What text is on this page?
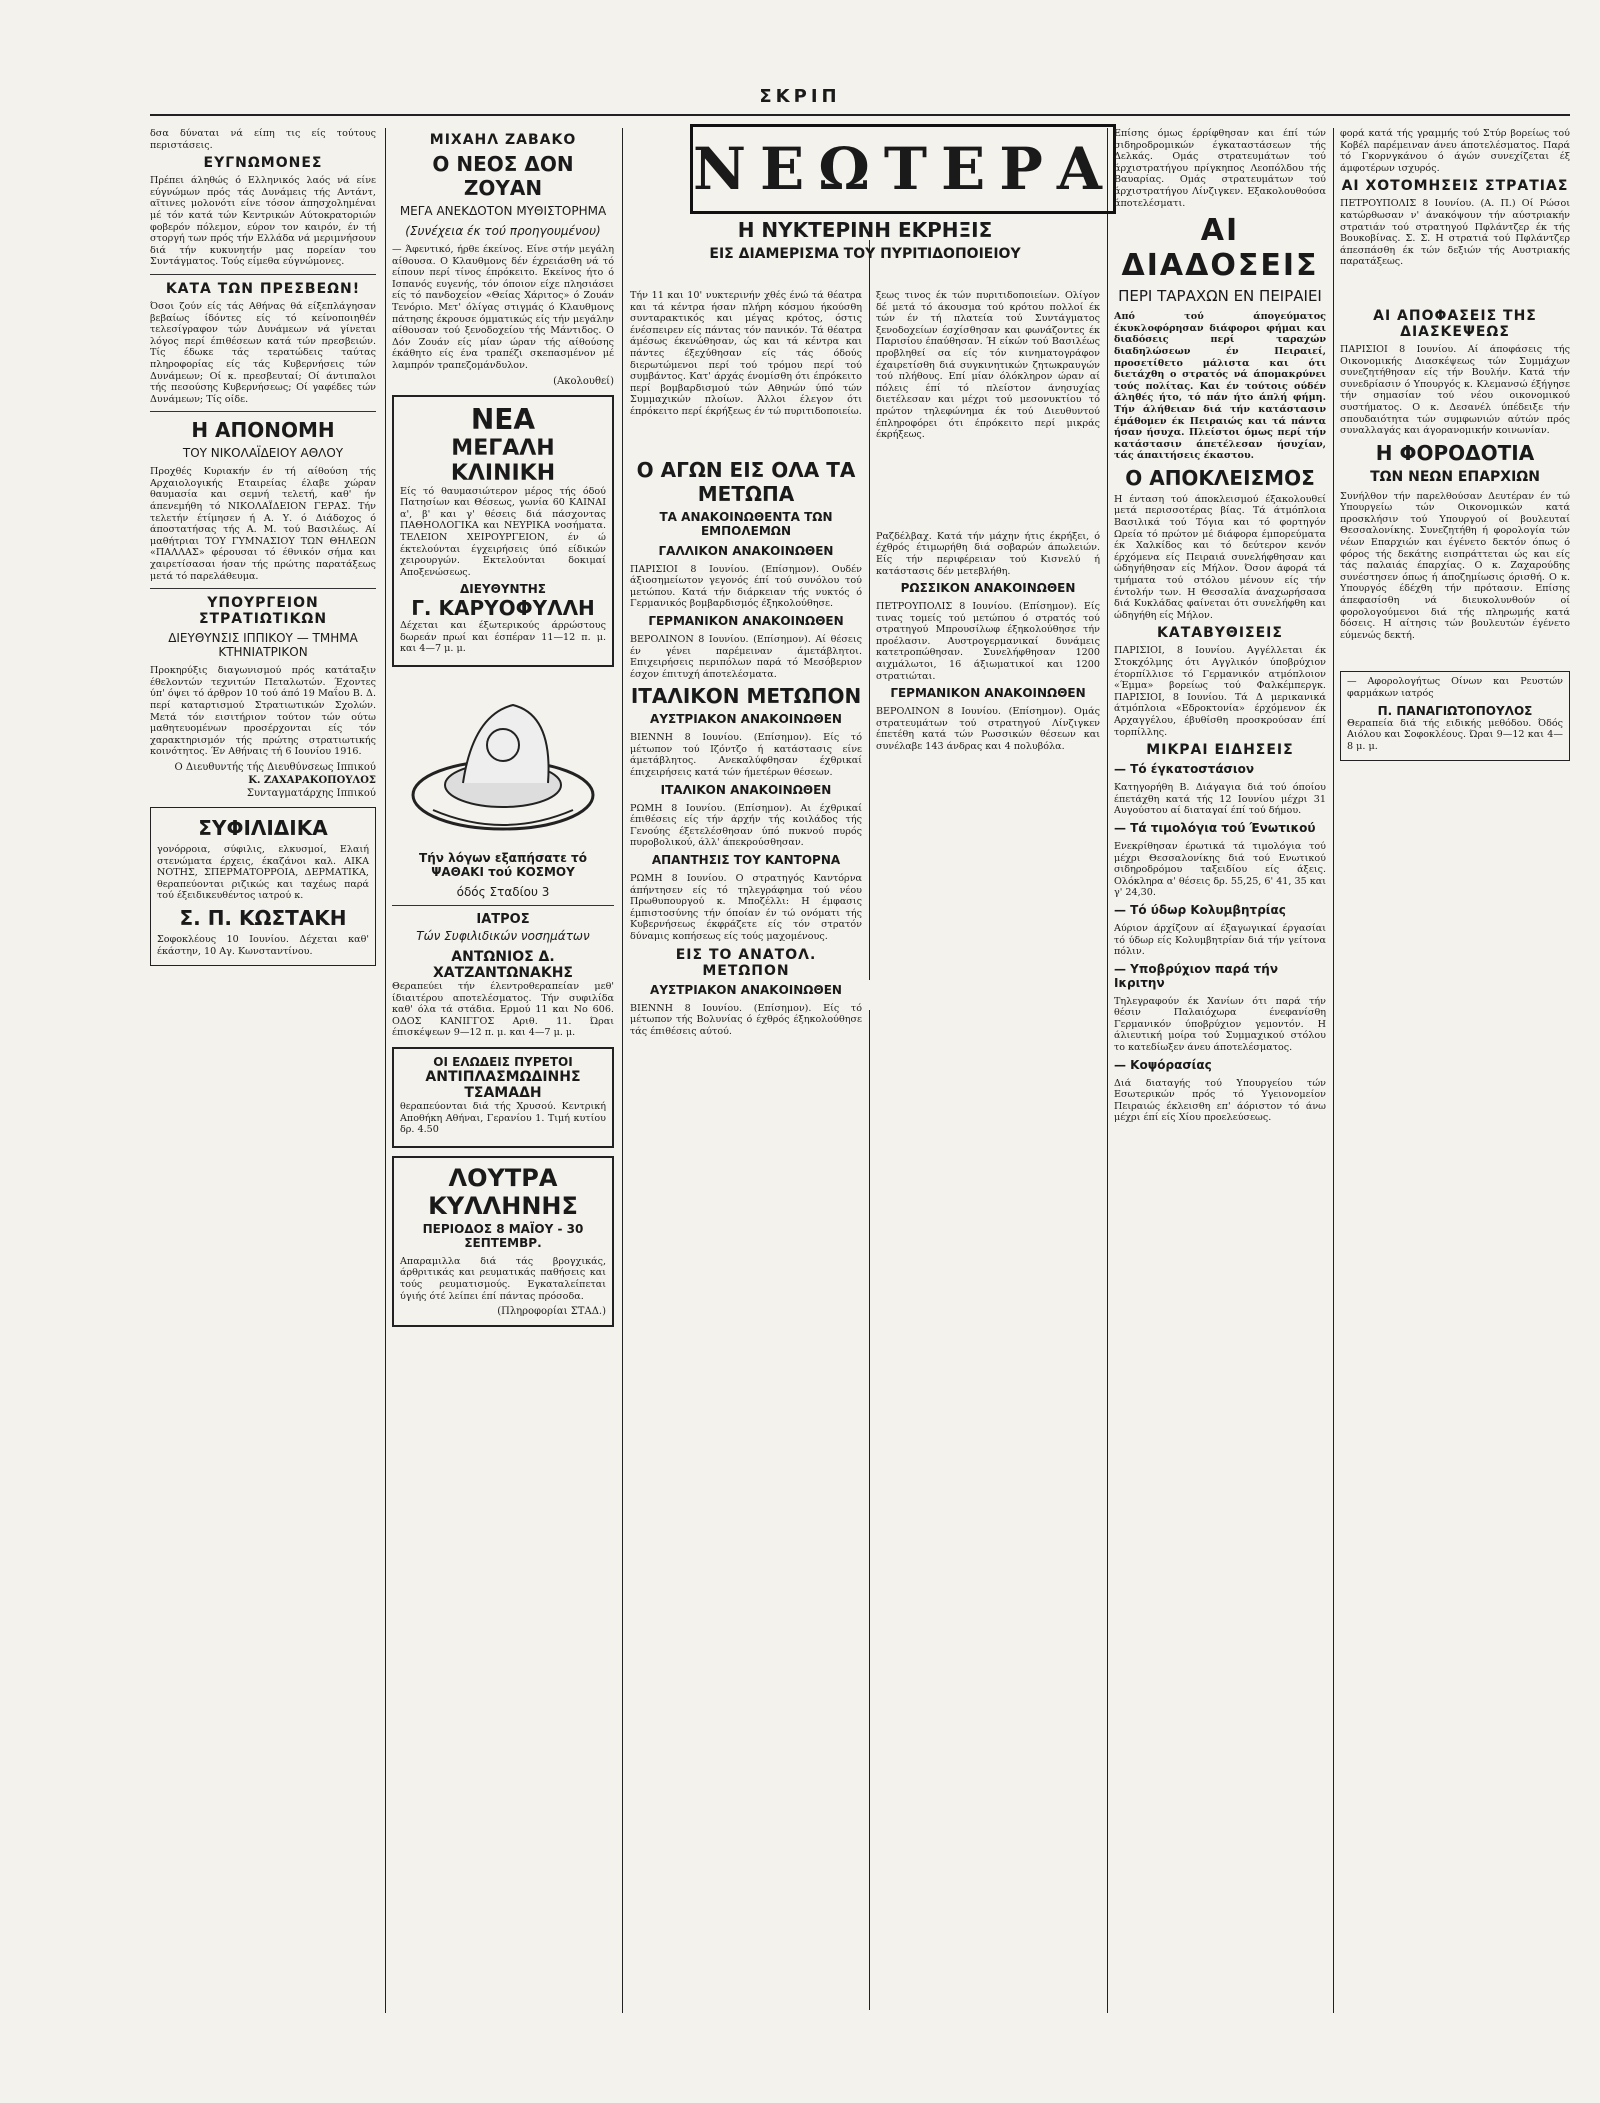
ΣΚΡΙΠ

δσα δύναται νά είπη τις είς τούτους περιστάσεις.

ΕΥΓΝΩΜΟΝΕΣ

Πρέπει άληθώς ό Ελληνικός λαός νά είνε εύγνώμων πρός τάς Δυνάμεις τής Αντάντ, αϊτινες μολονότι είνε τόσον άπησχολημέναι μέ τόν κατά τών Κεντρικών Αύτοκρατοριών φοβερόν πόλεμον, εύρον τον καιρόν, έν τή στοργή των πρός τήν Ελλάδα νά μεριμνήσουν διά τήν κυκυνητήν μας πορείαν του Συντάγματος. Τούς είμεθα εύγνώμονες.

ΚΑΤΑ ΤΩΝ ΠΡΕΣΒΕΩΝ!

Όσοι ζούν είς τάς Αθήνας θά είξεπλάγησαν βεβαίως ίδόντες είς τό κείνοποιηθέν τελεσίγραφον τών Δυνάμεων νά γίνεται λόγος περί έπιθέσεων κατά τών πρεσβειών. Τίς έδωκε τάς τερατώδεις ταύτας πληροφορίας είς τάς Κυβερνήσεις τών Δυνάμεων; Οί κ. πρεσβευταί; Οί άντιπαλοι τής πεσούσης Κυβερνήσεως; Οί γαφέδες τών Δυνάμεων; Τίς οίδε.

Η ΑΠΟΝΟΜΗ
ΤΟΥ ΝΙΚΟΛΑΪΔΕΙΟΥ ΑΘΛΟΥ

Προχθές Κυριακήν έν τή αίθούση τής Αρχαιολογικής Εταιρείας έλαβε χώραν θαυμασία και σεμνή τελετή, καθ' ήν άπενεμήθη τό ΝΙΚΟΛΑΪΔΕΙΟΝ ΓΕΡΑΣ. Τήν τελετήν έτίμησεν ή Α. Υ. ό Διάδοχος ό άποστατήσας τής Α. Μ. τού Βασιλέως. Αί μαθήτριαι ΤΟΥ ΓΥΜΝΑΣΙΟΥ ΤΩΝ ΘΗΛΕΩΝ «ΠΑΛΛΑΣ» φέρουσαι τό έθνικόν σήμα και χαιρετίσασαι ήσαν τής πρώτης παρατάξεως μετά τό παρελάθευμα.

ΥΠΟΥΡΓΕΙΟΝ ΣΤΡΑΤΙΩΤΙΚΩΝ
ΔΙΕΥΘΥΝΣΙΣ ΙΠΠΙΚΟΥ — ΤΜΗΜΑ ΚΤΗΝΙΑΤΡΙΚΟΝ

Προκηρύξις διαγωνισμού πρός κατάταξιν έθελοντών τεχνιτών Πεταλωτών. Έχοντες ύπ' όψει τό άρθρον 10 τού άπό 19 Μαΐου Β. Δ. περί καταρτισμού Στρατιωτικών Σχολών. Μετά τόν εισιτήριον τούτον τών ούτω μαθητευομένων προσέρχονται είς τόν χαρακτηρισμόν τής πρώτης στρατιωτικής κοινότητος. Έν Αθήναις τή 6 Ιουνίου 1916.

Ο Διευθυντής τής Διευθύνσεως Ιππικού
Κ. ΖΑΧΑΡΑΚΟΠΟΥΛΟΣ
Συνταγματάρχης Ιππικού
ΣΥΦΙΛΙΔΙΚΑ

γονόρροια, σύφιλις, ελκυσμοί, Ελαιή στενώματα έρχεις, έκαζάνοι καλ. ΑΙΚΑ ΝΟΤΗΣ, ΣΠΕΡΜΑΤΟΡΡΟΙΑ, ΔΕΡΜΑΤΙΚΑ, θεραπεύονται ριζικώς και ταχέως παρά τού έξειδικευθέντος ιατρού κ.

Σ. Π. ΚΩΣΤΑΚΗ

Σοφοκλέους 10 Ιουνίου. Δέχεται καθ' έκάστην, 10 Αγ. Κωνσταντίνου.

ΜΙΧΑΗΛ ΖΑΒΑΚΟ
Ο ΝΕΟΣ ΔΟΝ ΖΟΥΑΝ
ΜΕΓΑ ΑΝΕΚΔΟΤΟΝ ΜΥΘΙΣΤΟΡΗΜΑ
(Συνέχεια έκ τού προηγουμένου)

— Άφεντικό, ήρθε έκείνος. Είνε στήν μεγάλη αίθουσα. Ο Κλαυθμονς δέν έχρειάσθη νά τό είπουν περί τίνος έπρόκειτο. Εκείνος ήτο ό Ισπανός ευγενής, τόν όποιον είχε πλησιάσει είς τό πανδοχείον «Θείας Χάριτος» ό Ζουάν Τενόριο. Μετ' όλίγας στιγμάς ό Κλαυθμονς πάτησης έκρουσε όμματικώς είς τήν μεγάλην αίθουσαν τού ξενοδοχείου τής Μάντιδος. Ο Δόν Ζουάν είς μίαν ώραν τής αίθούσης έκάθητο είς ένα τραπέζι σκεπασμένον μέ λαμπρόν τραπεζομάνδυλον.

(Ακολουθεί)
ΝΕΑ
ΜΕΓΑΛΗ ΚΛΙΝΙΚΗ

Είς τό θαυμασιώτερον μέρος τής όδού Πατησίων και Θέσεως, γωνία 60 ΚΑΙΝΑΙ α', β' και γ' θέσεις διά πάσχοντας ΠΑΘΗΟΛΟΓΙΚΑ και ΝΕΥΡΙΚΑ νοσήματα. ΤΕΛΕΙΟΝ ΧΕΙΡΟΥΡΓΕΙΟΝ, έν ώ έκτελούνται έγχειρήσεις ύπό είδικών χειρουργών. Εκτελούνται δοκιμαί Αποξενώσεως.

ΔΙΕΥΘΥΝΤΗΣ
Γ. ΚΑΡΥΟΦΥΛΛΗ

Δέχεται και έξωτερικούς άρρώστους δωρεάν πρωί και έσπέραν 11—12 π. μ. και 4—7 μ. μ.

Τήν λόγων εξαπήσατε τό ΨΑΘΑΚΙ τού ΚΟΣΜΟΥ
όδός Σταδίου 3
ΙΑΤΡΟΣ
Τών Συφιλιδικών νοσημάτων
ΑΝΤΩΝΙΟΣ Δ. ΧΑΤΖΑΝΤΩΝΑΚΗΣ

Θεραπεύει τήν έλεντροθεραπείαν μεθ' ίδιαιτέρου αποτελέσματος. Τήν συφιλίδα καθ' όλα τά στάδια. Ερμού 11 και Νο 606. ΟΔΟΣ ΚΑΝΙΓΓΟΣ Αριθ. 11. Ώραι έπισκέψεων 9—12 π. μ. και 4—7 μ. μ.

ΟΙ ΕΛΩΔΕΙΣ ΠΥΡΕΤΟΙ
ΑΝΤΙΠΛΑΣΜΩΔΙΝΗΣ ΤΣΑΜΑΔΗ

θεραπεύονται διά τής Χρυσού. Κεντρική Αποθήκη Αθήναι, Γερανίου 1. Τιμή κυτίου δρ. 4.50

ΛΟΥΤΡΑ
ΚΥΛΛΗΝΗΣ
ΠΕΡΙΟΔΟΣ 8 ΜΑΪΟΥ - 30 ΣΕΠΤΕΜΒΡ.

Απαραμιλλα διά τάς βρογχικάς, άρθριτικάς και ρευματικάς παθήσεις και τούς ρευματισμούς. Εγκαταλείπεται ύγιής ότέ λείπει έπί πάντας πρόσοδα.

(Πληροφορίαι ΣΤΑΔ.)
ΝΕΩΤΕΡΑ
Η ΝΥΚΤΕΡΙΝΗ ΕΚΡΗΞΙΣ
ΕΙΣ ΔΙΑΜΕΡΙΣΜΑ ΤΟΥ ΠΥΡΙΤΙΔΟΠΟΙΕΙΟΥ

Τήν 11 και 10' νυκτερινήν χθές ένώ τά θέατρα και τά κέντρα ήσαν πλήρη κόσμου ήκούσθη συνταρακτικός και μέγας κρότος, όστις ένέσπειρεν είς πάντας τόν πανικόν. Τά θέατρα άμέσως έκενώθησαν, ώς και τά κέντρα και πάντες έξεχύθησαν είς τάς όδούς διερωτώμενοι περί τού τρόμου περί τού συμβάντος. Κατ' άρχάς ένομίσθη ότι έπρόκειτο περί βομβαρδισμού τών Αθηνών ύπό τών Συμμαχικών πλοίων. Άλλοι έλεγον ότι έπρόκειτο περί έκρήξεως έν τώ πυριτιδοποιείω.

Ο ΑΓΩΝ ΕΙΣ ΟΛΑ ΤΑ ΜΕΤΩΠΑ
ΤΑ ΑΝΑΚΟΙΝΩΘΕΝΤΑ ΤΩΝ ΕΜΠΟΛΕΜΩΝ
ΓΑΛΛΙΚΟΝ ΑΝΑΚΟΙΝΩΘΕΝ

ΠΑΡΙΣΙΟΙ 8 Ιουνίου. (Επίσημον). Ουδέν άξιοσημείωτον γεγονός έπί τού συνόλου τού μετώπου. Κατά τήν διάρκειαν τής νυκτός ό Γερμανικός βομβαρδισμός έξηκολούθησε.

ΓΕΡΜΑΝΙΚΟΝ ΑΝΑΚΟΙΝΩΘΕΝ

ΒΕΡΟΛΙΝΟΝ 8 Ιουνίου. (Επίσημον). Αί θέσεις έν γένει παρέμειναν άμετάβλητοι. Επιχειρήσεις περιπόλων παρά τό Μεσόβεριον έσχον έπιτυχή άποτελέσματα.

ΙΤΑΛΙΚΟΝ ΜΕΤΩΠΟΝ
ΑΥΣΤΡΙΑΚΟΝ ΑΝΑΚΟΙΝΩΘΕΝ

ΒΙΕΝΝΗ 8 Ιουνίου. (Επίσημον). Είς τό μέτωπον τού Ιζόντζο ή κατάστασις είνε άμετάβλητος. Ανεκαλύφθησαν έχθρικαί έπιχειρήσεις κατά τών ήμετέρων θέσεων.

ΙΤΑΛΙΚΟΝ ΑΝΑΚΟΙΝΩΘΕΝ

ΡΩΜΗ 8 Ιουνίου. (Επίσημον). Αι έχθρικαί έπιθέσεις είς τήν άρχήν τής κοιλάδος τής Γενούης έξετελέσθησαν ύπό πυκνού πυρός πυροβολικού, άλλ' άπεκρούσθησαν.

ΑΠΑΝΤΗΣΙΣ ΤΟΥ ΚΑΝΤΟΡΝΑ

ΡΩΜΗ 8 Ιουνίου. Ο στρατηγός Καντόρνα άπήντησεν είς τό τηλεγράφημα τού νέου Πρωθυπουργού κ. Μποζέλλι: Η έμφασις έμπιστοσύνης τήν όποίαν έν τώ ονόματι τής Κυβερνήσεως έκφράζετε είς τόν στρατόν δύναμις κοπήσεως είς τούς μαχομένους.

ΕΙΣ ΤΟ ΑΝΑΤΟΛ. ΜΕΤΩΠΟΝ
ΑΥΣΤΡΙΑΚΟΝ ΑΝΑΚΟΙΝΩΘΕΝ

ΒΙΕΝΝΗ 8 Ιουνίου. (Επίσημον). Είς τό μέτωπον τής Βολυνίας ό έχθρός έξηκολούθησε τάς έπιθέσεις αύτού.

ξεως τινος έκ τών πυριτιδοποιείων. Ολίγον δέ μετά τό άκουσμα τού κρότου πολλοί έκ τών έν τή πλατεία τού Συντάγματος ξενοδοχείων έσχίσθησαν και φωνάζοντες έκ Παρισίου έπαύθησαν. Ή είκών τού Βασιλέως προβληθεί σα είς τόν κινηματογράφον έχαιρετίσθη διά συγκινητικών ζητωκραυγών τού πλήθους. Επί μίαν όλόκληρον ώραν αί πόλεις έπί τό πλείστον άνησυχίας διετέλεσαν και μέχρι τού μεσονυκτίου τό πρώτον τηλεφώνημα έκ τού Διευθυντού έπληροφόρει ότι έπρόκειτο περί μικράς έκρήξεως.

Ραζδέλβαχ. Κατά τήν μάχην ήτις έκρήξει, ό έχθρός έτιμωρήθη διά σοβαρών άπωλειών. Είς τήν περιφέρειαν τού Κισνελύ ή κατάστασις δέν μετεβλήθη.

ΡΩΣΣΙΚΟΝ ΑΝΑΚΟΙΝΩΘΕΝ

ΠΕΤΡΟΥΠΟΛΙΣ 8 Ιουνίου. (Επίσημον). Είς τινας τομείς τού μετώπου ό στρατός τού στρατηγού Μπρουσίλωφ έξηκολούθησε τήν προέλασιν. Αυστρογερμανικαί δυνάμεις κατετροπώθησαν. Συνελήφθησαν 1200 αιχμάλωτοι, 16 άξιωματικοί και 1200 στρατιώται.

ΓΕΡΜΑΝΙΚΟΝ ΑΝΑΚΟΙΝΩΘΕΝ

ΒΕΡΟΛΙΝΟΝ 8 Ιουνίου. (Επίσημον). Ομάς στρατευμάτων τού στρατηγού Λίνζιγκεν έπετέθη κατά τών Ρωσσικών θέσεων και συνέλαβε 143 άνδρας και 4 πολυβόλα.

Επίσης όμως έρρίφθησαν και έπί τών σιδηροδρομικών έγκαταστάσεων τής Δελκάς. Ομάς στρατευμάτων τού άρχιστρατήγου πρίγκηπος Λεοπόλδου τής Βαυαρίας. Ομάς στρατευμάτων τού άρχιστρατήγου Λίνζιγκεν. Εξακολουθούσα άποτελέσματι.

ΑΙ ΔΙΑΔΟΣΕΙΣ
ΠΕΡΙ ΤΑΡΑΧΩΝ ΕΝ ΠΕΙΡΑΙΕΙ

Από τού άπογεύματος έκυκλοφόρησαν διάφοροι φήμαι και διαδόσεις περί ταραχών διαδηλώσεων έν Πειραιεί, προσετίθετο μάλιστα και ότι διετάχθη ο στρατός νά άπομακρύνει τούς πολίτας. Και έν τούτοις ούδέν άληθές ήτο, τό πάν ήτο άπλή φήμη. Τήν άλήθειαν διά τήν κατάστασιν έμάθομεν έκ Πειραιώς και τά πάντα ήσαν ήσυχα. Πλείστοι όμως περί τήν κατάστασιν άπετέλεσαν ήσυχίαν, τάς άπαιτήσεις έκαστου.

Ο ΑΠΟΚΛΕΙΣΜΟΣ

Η ένταση τού άποκλεισμού έξακολουθεί μετά περισσοτέρας βίας. Τά άτμόπλοια Βασιλικά τού Τόγια και τό φορτηγόν Ωρεία τό πρώτον μέ διάφορα έμπορεύματα έκ Χαλκίδος και τό δεύτερον κενόν έρχόμενα είς Πειραιά συνελήφθησαν και ώδηγήθησαν είς Μήλον. Όσον άφορά τά τμήματα τού στόλου μένουν είς τήν έντολήν των. Η Θεσσαλία άναχωρήσασα διά Κυκλάδας φαίνεται ότι συνελήφθη και ώδηγήθη είς Μήλον.

ΚΑΤΑΒΥΘΙΣΕΙΣ

ΠΑΡΙΣΙΟΙ, 8 Ιουνίου. Αγγέλλεται έκ Στοκχόλμης ότι Αγγλικόν ύποβρύχιον έτορπίλλισε τό Γερμανικόν ατμόπλοιον «Έμμα» βορείως τού Φαλκέμπεργκ. ΠΑΡΙΣΙΟΙ, 8 Ιουνίου. Τά Δ μερικανικά άτμόπλοια «Εδροκτονία» έρχόμενον έκ Αρχαγγέλου, έβυθίσθη προσκρούσαν έπί τορπίλλης.

ΜΙΚΡΑΙ ΕΙΔΗΣΕΙΣ
— Τό έγκατοστάσιον

Κατηγορήθη Β. Διάγαγια διά τού όποίου έπετάχθη κατά τής 12 Ιουνίου μέχρι 31 Αυγούστου αί διαταγαί έπί τού δήμου.

— Τά τιμολόγια τού Ένωτικού

Ενεκρίθησαν έρωτικά τά τιμολόγια τού μέχρι Θεσσαλονίκης διά τού Ενωτικού σιδηροδρόμου ταξειδίου είς άξεις. Ολόκληρα α' θέσεις δρ. 55,25, 6' 41, 35 και γ' 24,30.

— Τό ύδωρ Κολυμβητρίας

Αύριον άρχίζουν αί έξαγωγικαί έργασίαι τό ύδωρ είς Κολυμβητρίαν διά τήν γείτονα πόλιν.

— Υποβρύχιον παρά τήν Ικριτην

Τηλεγραφούν έκ Χανίων ότι παρά τήν θέσιν Παλαιόχωρα ένεφανίσθη Γερμανικόν ύποβρύχιον γεμοντόν. Η άλιευτική μοίρα τού Συμμαχικού στόλου το κατεδίωξεν άνευ άποτελέσματος.

— Κοψόρασίας

Διά διαταγής τού Υπουργείου τών Εσωτερικών πρός τό Υγειονομείον Πειραιώς έκλεισθη επ' άόριστον τό άνω μέχρι έπί είς Χίου προελεύσεως.

φορά κατά τής γραμμής τού Στύρ βορείως τού Κοβέλ παρέμειναν άνευ άποτελέσματος. Παρά τό Γκορνγκάνου ό άγών συνεχίζεται έξ άμφοτέρων ισχυρός.

ΑΙ ΧΟΤΟΜΗΣΕΙΣ ΣΤΡΑΤΙΑΣ

ΠΕΤΡΟΥΠΟΛΙΣ 8 Ιουνίου. (Α. Π.) Οί Ρώσοι κατώρθωσαν ν' άνακόψουν τήν αύστριακήν στρατιάν τού στρατηγού Πφλάντζερ έκ τής Βουκοβίνας. Σ. Σ. Η στρατιά τού Πφλάντζερ άπεσπάσθη έκ τών δεξιών τής Αυστριακής παρατάξεως.

ΑΙ ΑΠΟΦΑΣΕΙΣ ΤΗΣ ΔΙΑΣΚΕΨΕΩΣ

ΠΑΡΙΣΙΟΙ 8 Ιουνίου. Αί άποφάσεις τής Οικονομικής Διασκέψεως τών Συμμάχων συνεζητήθησαν είς τήν Βουλήν. Κατά τήν συνεδρίασιν ό Υπουργός κ. Κλεμανσώ έξήγησε τήν σημασίαν τού νέου οικονομικού συστήματος. Ο κ. Δεσανέλ ύπέδειξε τήν σπουδαιότητα τών συμφωνιών αύτών πρός συναλλαγάς και άγορανομικήν κοινωνίαν.

Η ΦΟΡΟΔΟΤΙΑ
ΤΩΝ ΝΕΩΝ ΕΠΑΡΧΙΩΝ

Συνήλθον τήν παρελθούσαν Δευτέραν έν τώ Υπουργείω τών Οικονομικών κατά προσκλήσιν τού Υπουργού οί βουλευταί Θεσσαλονίκης. Συνεζητήθη ή φορολογία τών νέων Επαρχιών και έγένετο δεκτόν όπως ό φόρος τής δεκάτης εισπράττεται ώς και είς τάς παλαιάς έπαρχίας. Ο κ. Ζαχαρούδης συνέστησεν όπως ή άποζημίωσις όρισθή. Ο κ. Υπουργός έδέχθη τήν πρότασιν. Επίσης άπεφασίσθη νά διευκολυνθούν οί φορολογούμενοι διά τής πληρωμής κατά δόσεις. Η αίτησις τών βουλευτών έγένετο εύμενώς δεκτή.

— Αφορολογήτως Οίνων και Ρευστών φαρμάκων ιατρός

Π. ΠΑΝΑΓΙΩΤΟΠΟΥΛΟΣ

Θεραπεία διά τής ειδικής μεθόδου. Όδός Αιόλου και Σοφοκλέους. Ώραι 9—12 και 4—8 μ. μ.
